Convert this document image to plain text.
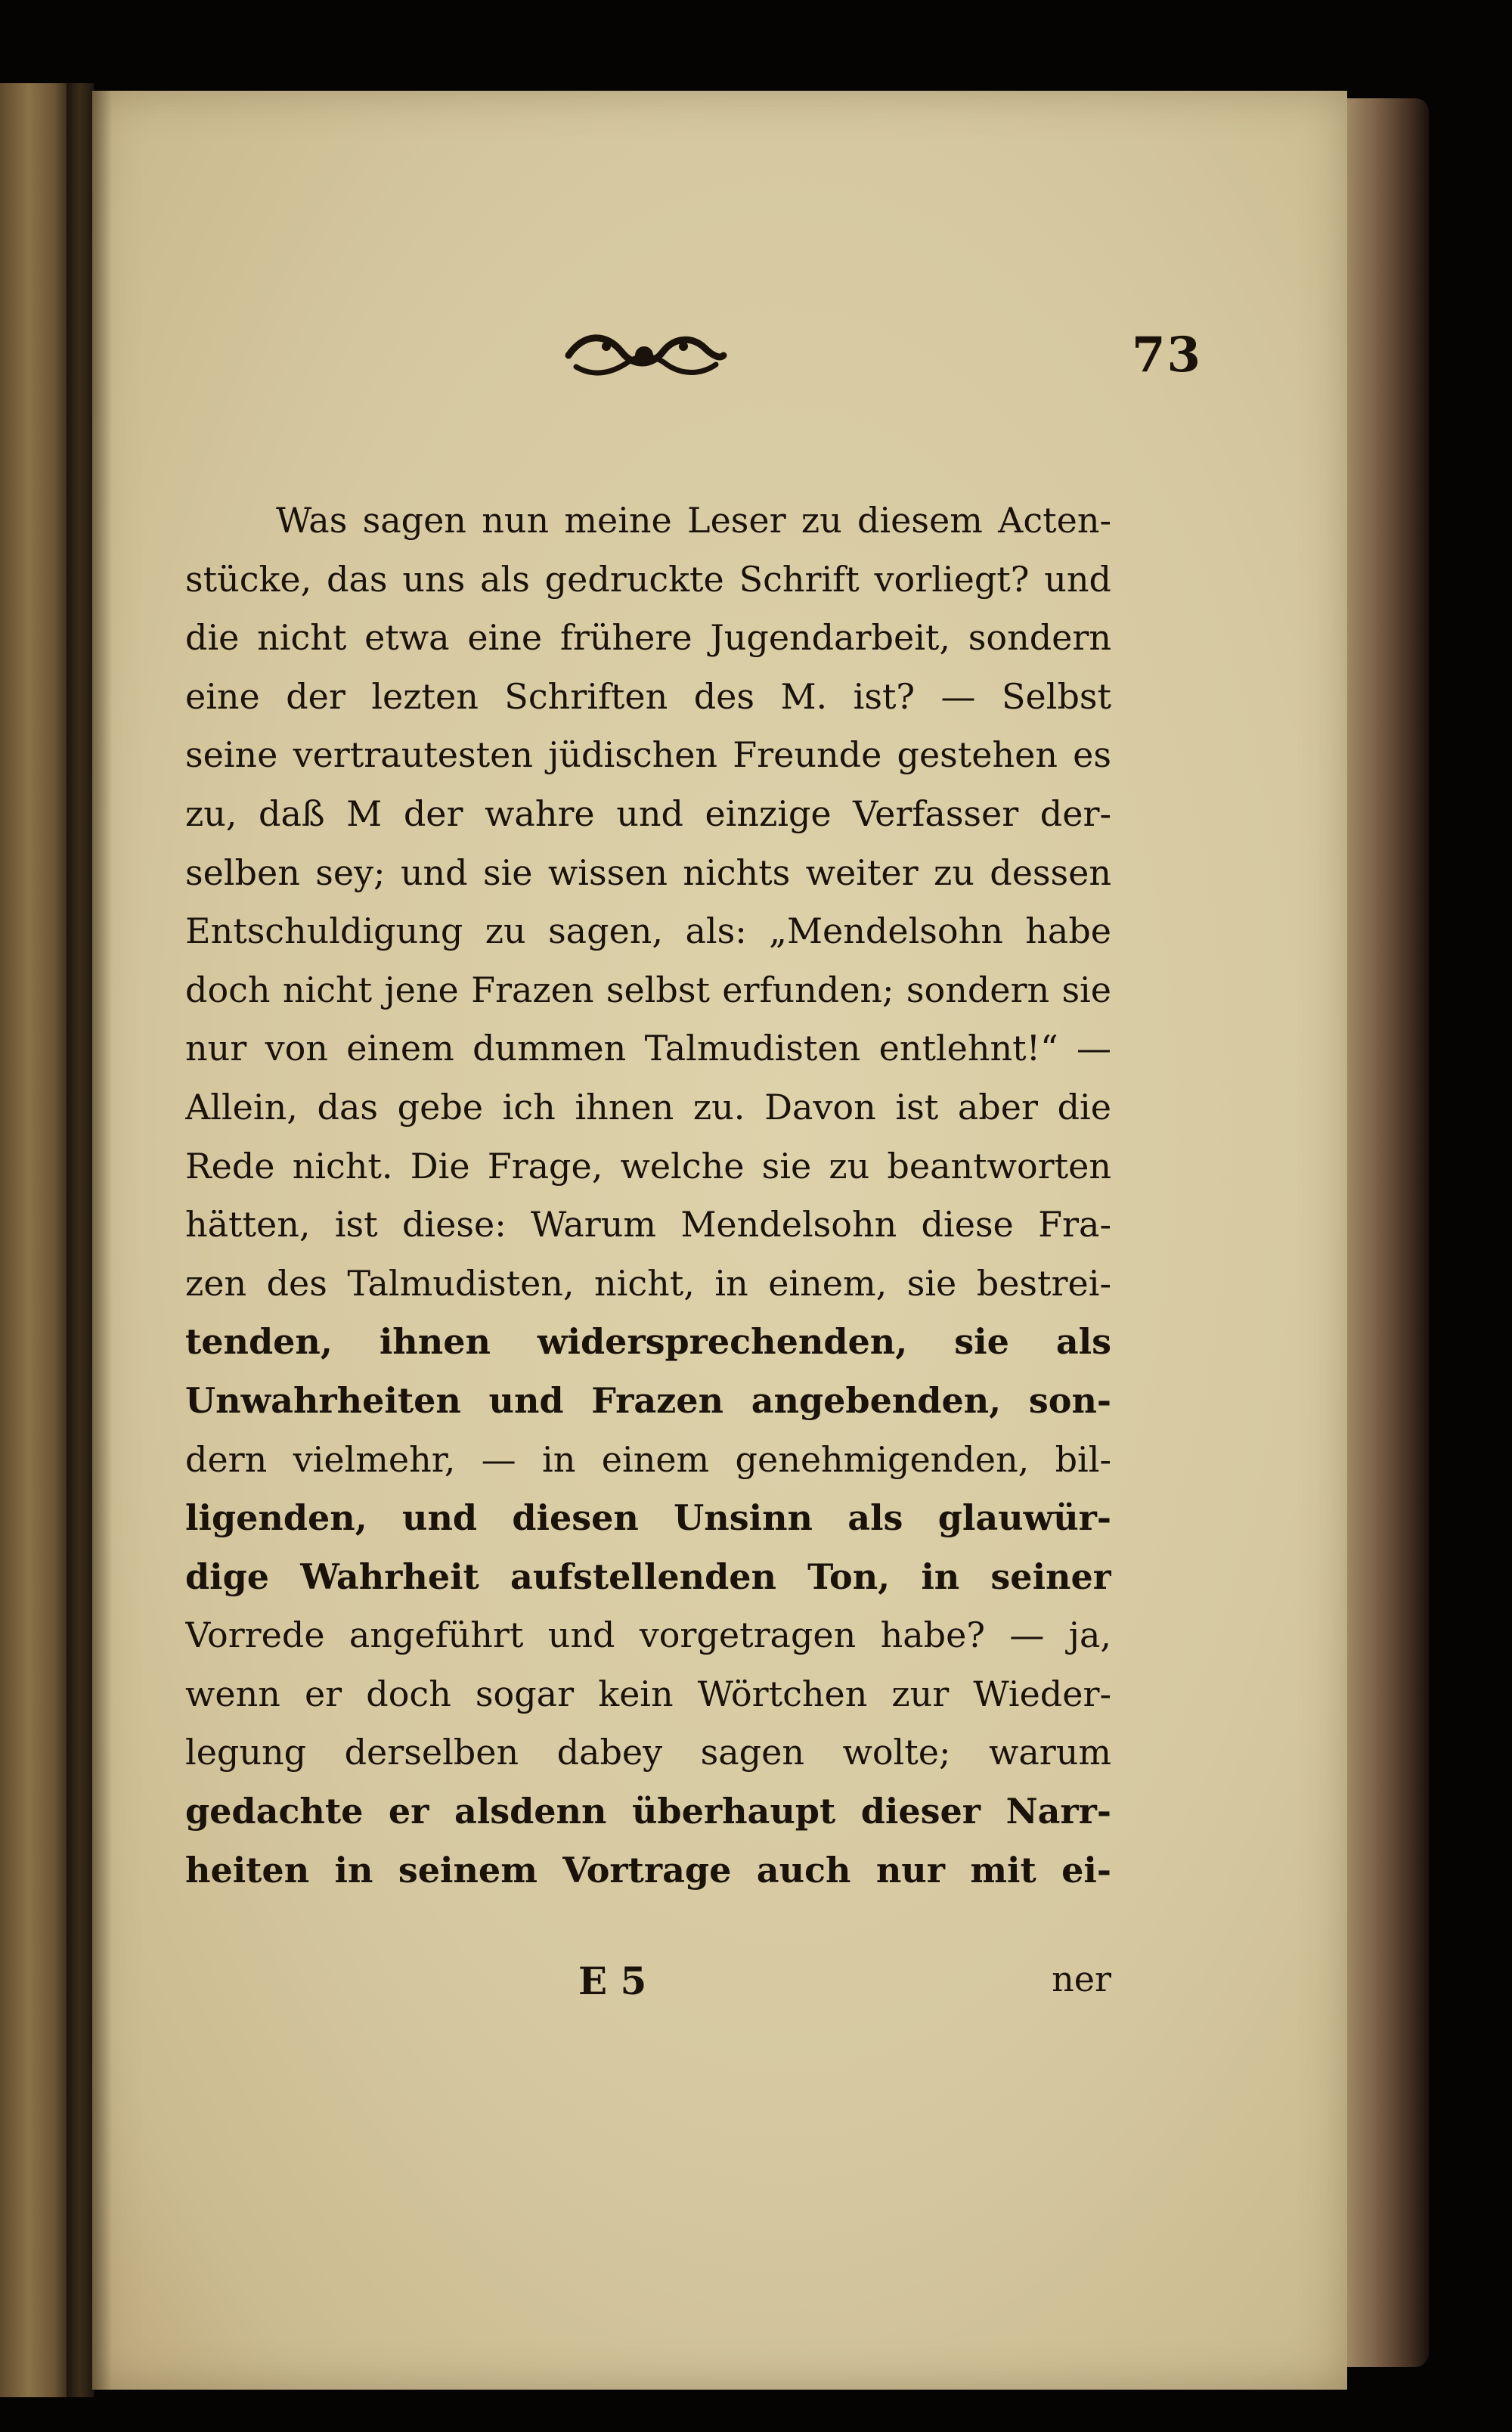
73
Was sagen nun meine Leser zu diesem Acten-
stücke, das uns als gedruckte Schrift vorliegt? und
die nicht etwa eine frühere Jugendarbeit, sondern
eine der lezten Schriften des M. ist? — Selbst
seine vertrautesten jüdischen Freunde gestehen es
zu, daß M der wahre und einzige Verfasser der-
selben sey; und sie wissen nichts weiter zu dessen
Entschuldigung zu sagen, als: „Mendelsohn habe
doch nicht jene Frazen selbst erfunden; sondern sie
nur von einem dummen Talmudisten entlehnt!“ —
Allein, das gebe ich ihnen zu. Davon ist aber die
Rede nicht. Die Frage, welche sie zu beantworten
hätten, ist diese: Warum Mendelsohn diese Fra-
zen des Talmudisten, nicht, in einem, sie bestrei-
tenden, ihnen widersprechenden, sie als
Unwahrheiten und Frazen angebenden, son-
dern vielmehr, — in einem genehmigenden, bil-
ligenden, und diesen Unsinn als glauwür-
dige Wahrheit aufstellenden Ton, in seiner
Vorrede angeführt und vorgetragen habe? — ja,
wenn er doch sogar kein Wörtchen zur Wieder-
legung derselben dabey sagen wolte; warum
gedachte er alsdenn überhaupt dieser Narr-
heiten in seinem Vortrage auch nur mit ei-
E 5	ner
